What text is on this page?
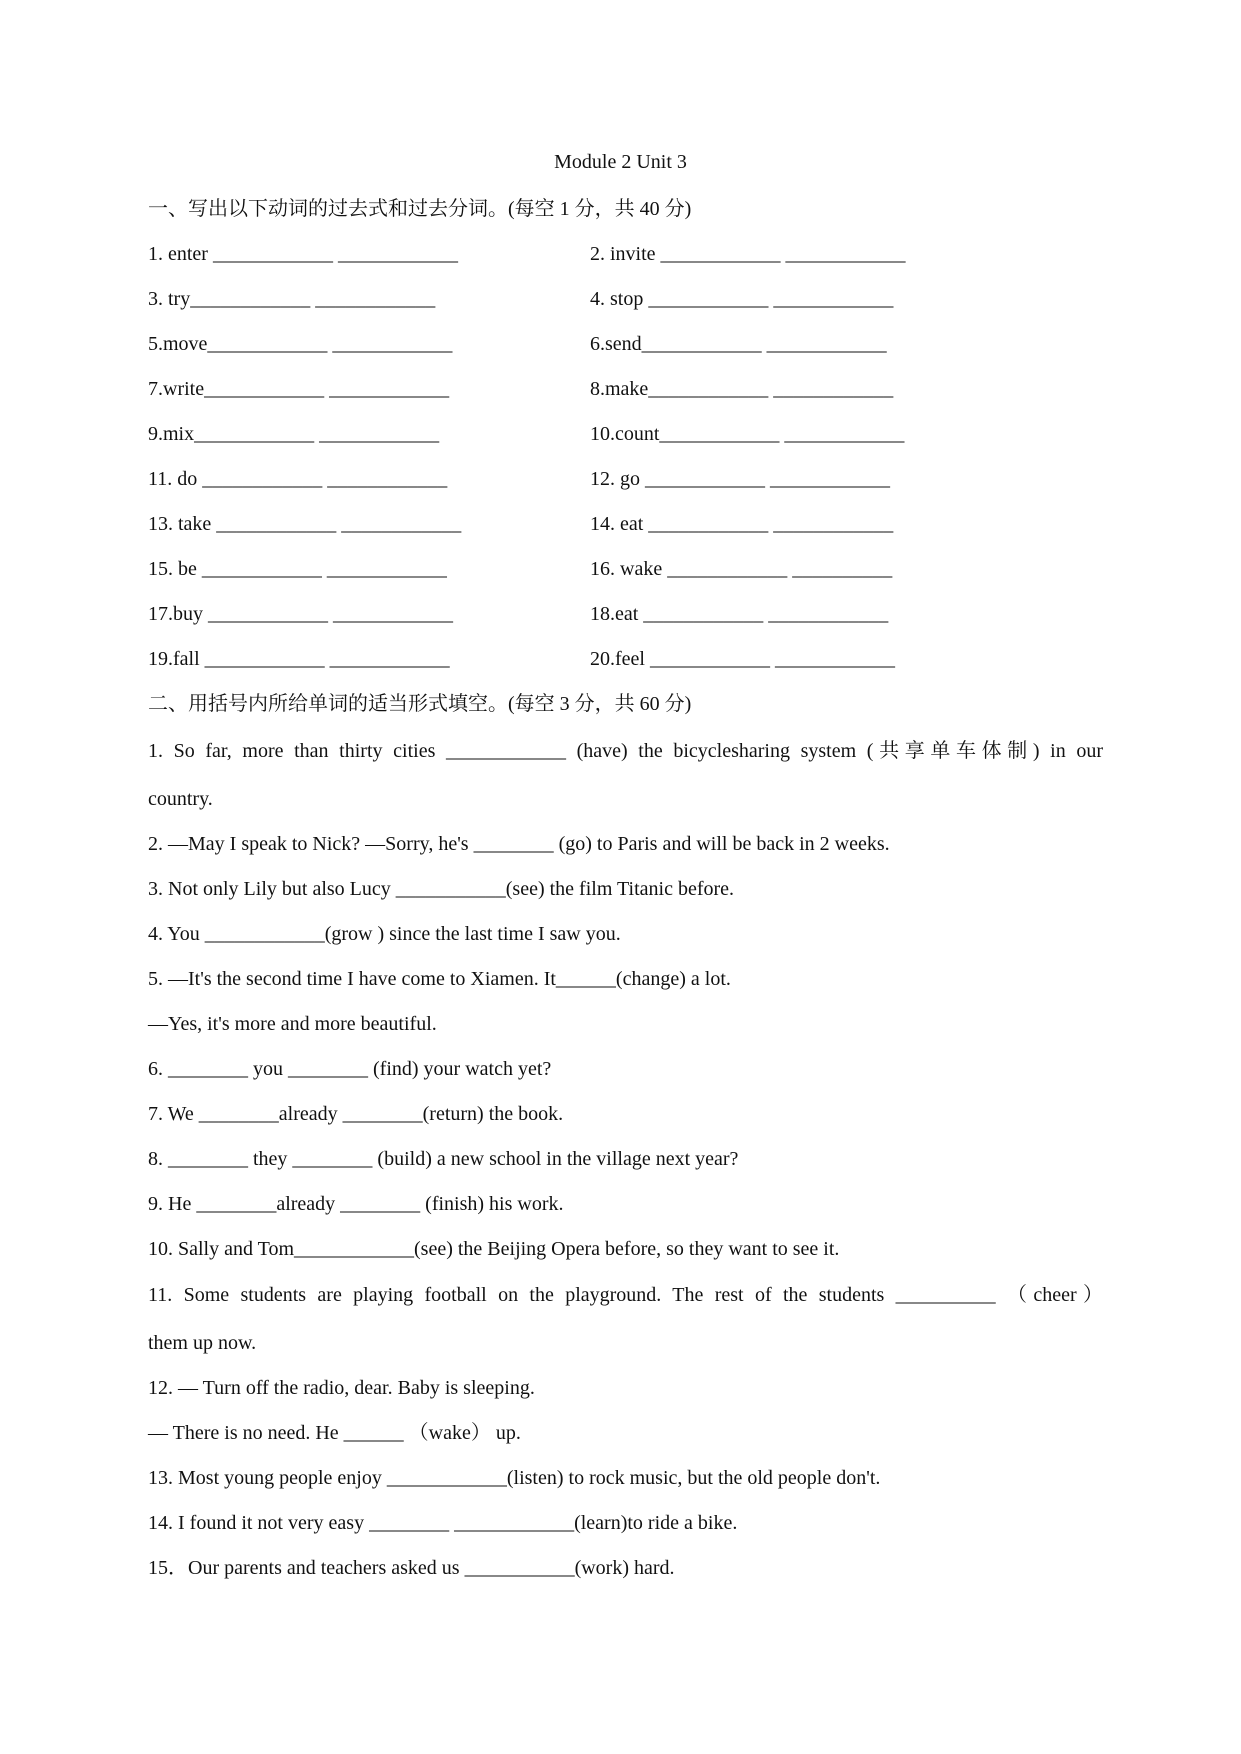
Module 2 Unit 3
一、写出以下动词的过去式和过去分词。(每空 1 分，共 40 分)
1. enter ____________ ____________	2. invite ____________ ____________
3. try____________ ____________	4. stop ____________ ____________
5.move____________ ____________	6.send____________ ____________
7.write____________ ____________	8.make____________ ____________
9.mix____________ ____________	10.count____________ ____________
11. do ____________ ____________	12. go ____________ ____________
13. take ____________ ____________	14. eat ____________ ____________
15. be ____________ ____________	16. wake ____________ __________
17.buy ____________ ____________	18.eat ____________ ____________
19.fall ____________ ____________	20.feel ____________ ____________
二、用括号内所给单词的适当形式填空。(每空 3 分，共 60 分)
1. So far, more than thirty cities ____________ (have) the bicyclesharing system (共享单车体制) in our
country.
2. —May I speak to Nick? —Sorry, he's ________ (go) to Paris and will be back in 2 weeks.
3. Not only Lily but also Lucy ___________(see) the film Titanic before.
4. You ____________(grow ) since the last time I saw you.
5. —It's the second time I have come to Xiamen. It______(change) a lot.
—Yes, it's more and more beautiful.
6. ________ you ________ (find) your watch yet?
7. We ________already ________(return) the book.
8. ________ they ________ (build) a new school in the village next year?
9. He ________already ________ (finish) his work.
10. Sally and Tom____________(see) the Beijing Opera before, so they want to see it.
11. Some students are playing football on the playground. The rest of the students __________ （cheer）
them up now.
12. — Turn off the radio, dear. Baby is sleeping.
— There is no need. He ______ （wake） up.
13. Most young people enjoy ____________(listen) to rock music, but the old people don't.
14. I found it not very easy ________ ____________(learn)to ride a bike.
15．Our parents and teachers asked us ___________(work) hard.
